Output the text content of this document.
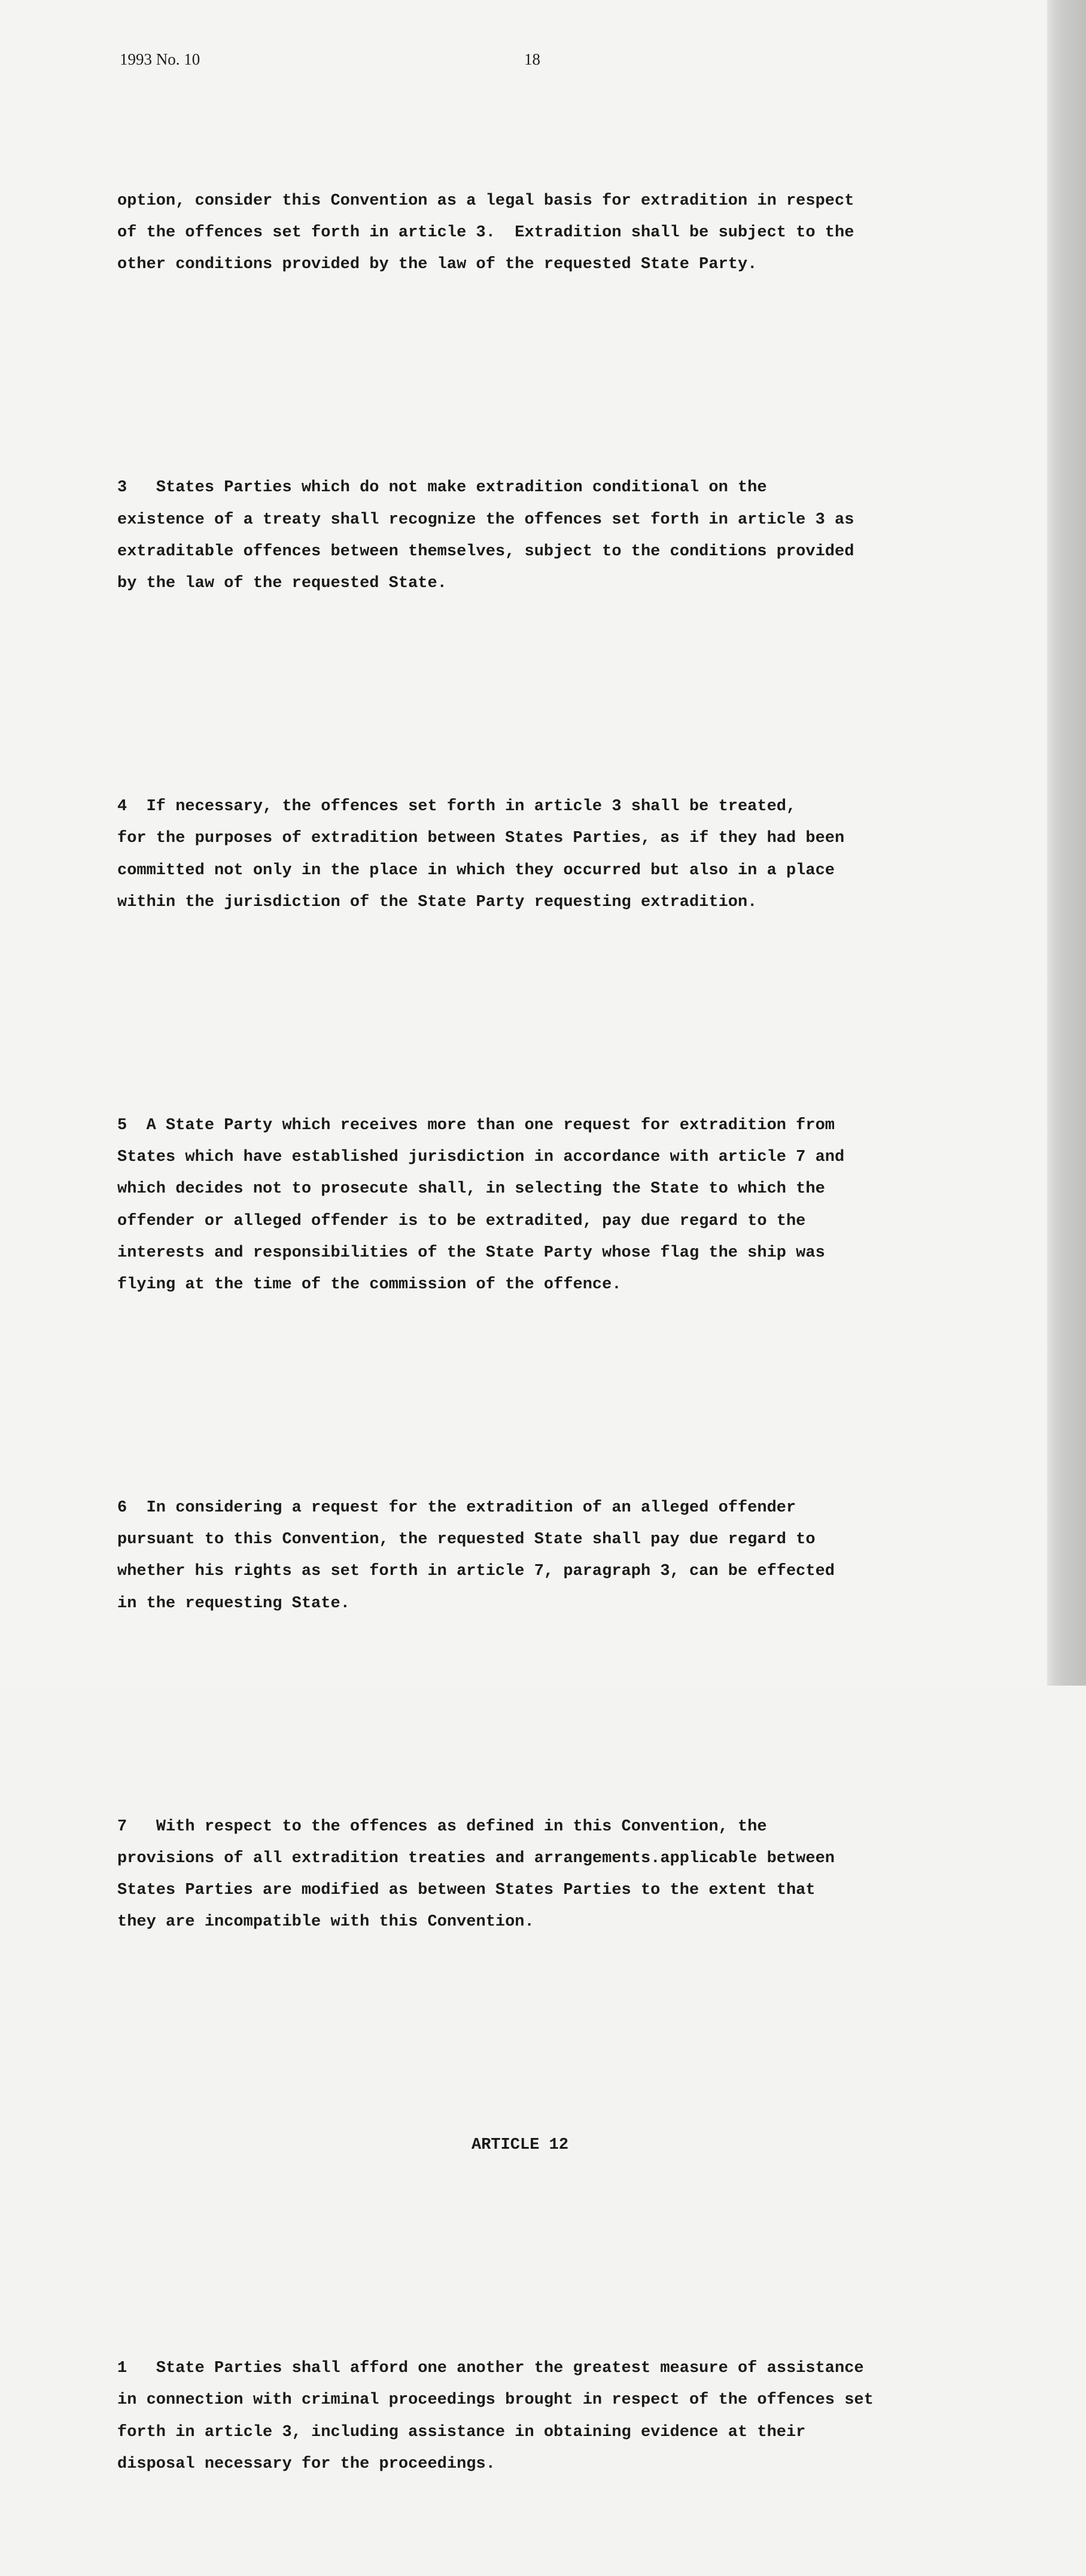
1993 No. 10	18

option, consider this Convention as a legal basis for extradition in respect
of the offences set forth in article 3.  Extradition shall be subject to the
other conditions provided by the law of the requested State Party.

3 States Parties which do not make extradition conditional on the
existence of a treaty shall recognize the offences set forth in article 3 as
extraditable offences between themselves, subject to the conditions provided
by the law of the requested State.

4 If necessary, the offences set forth in article 3 shall be treated,
for the purposes of extradition between States Parties, as if they had been
committed not only in the place in which they occurred but also in a place
within the jurisdiction of the State Party requesting extradition.

5 A State Party which receives more than one request for extradition from
States which have established jurisdiction in accordance with article 7 and
which decides not to prosecute shall, in selecting the State to which the
offender or alleged offender is to be extradited, pay due regard to the
interests and responsibilities of the State Party whose flag the ship was
flying at the time of the commission of the offence.

6 In considering a request for the extradition of an alleged offender
pursuant to this Convention, the requested State shall pay due regard to
whether his rights as set forth in article 7, paragraph 3, can be effected
in the requesting State.

7 With respect to the offences as defined in this Convention, the
provisions of all extradition treaties and arrangements.applicable between
States Parties are modified as between States Parties to the extent that
they are incompatible with this Convention.

ARTICLE 12

1 State Parties shall afford one another the greatest measure of assistance
in connection with criminal proceedings brought in respect of the offences set
forth in article 3, including assistance in obtaining evidence at their
disposal necessary for the proceedings.
